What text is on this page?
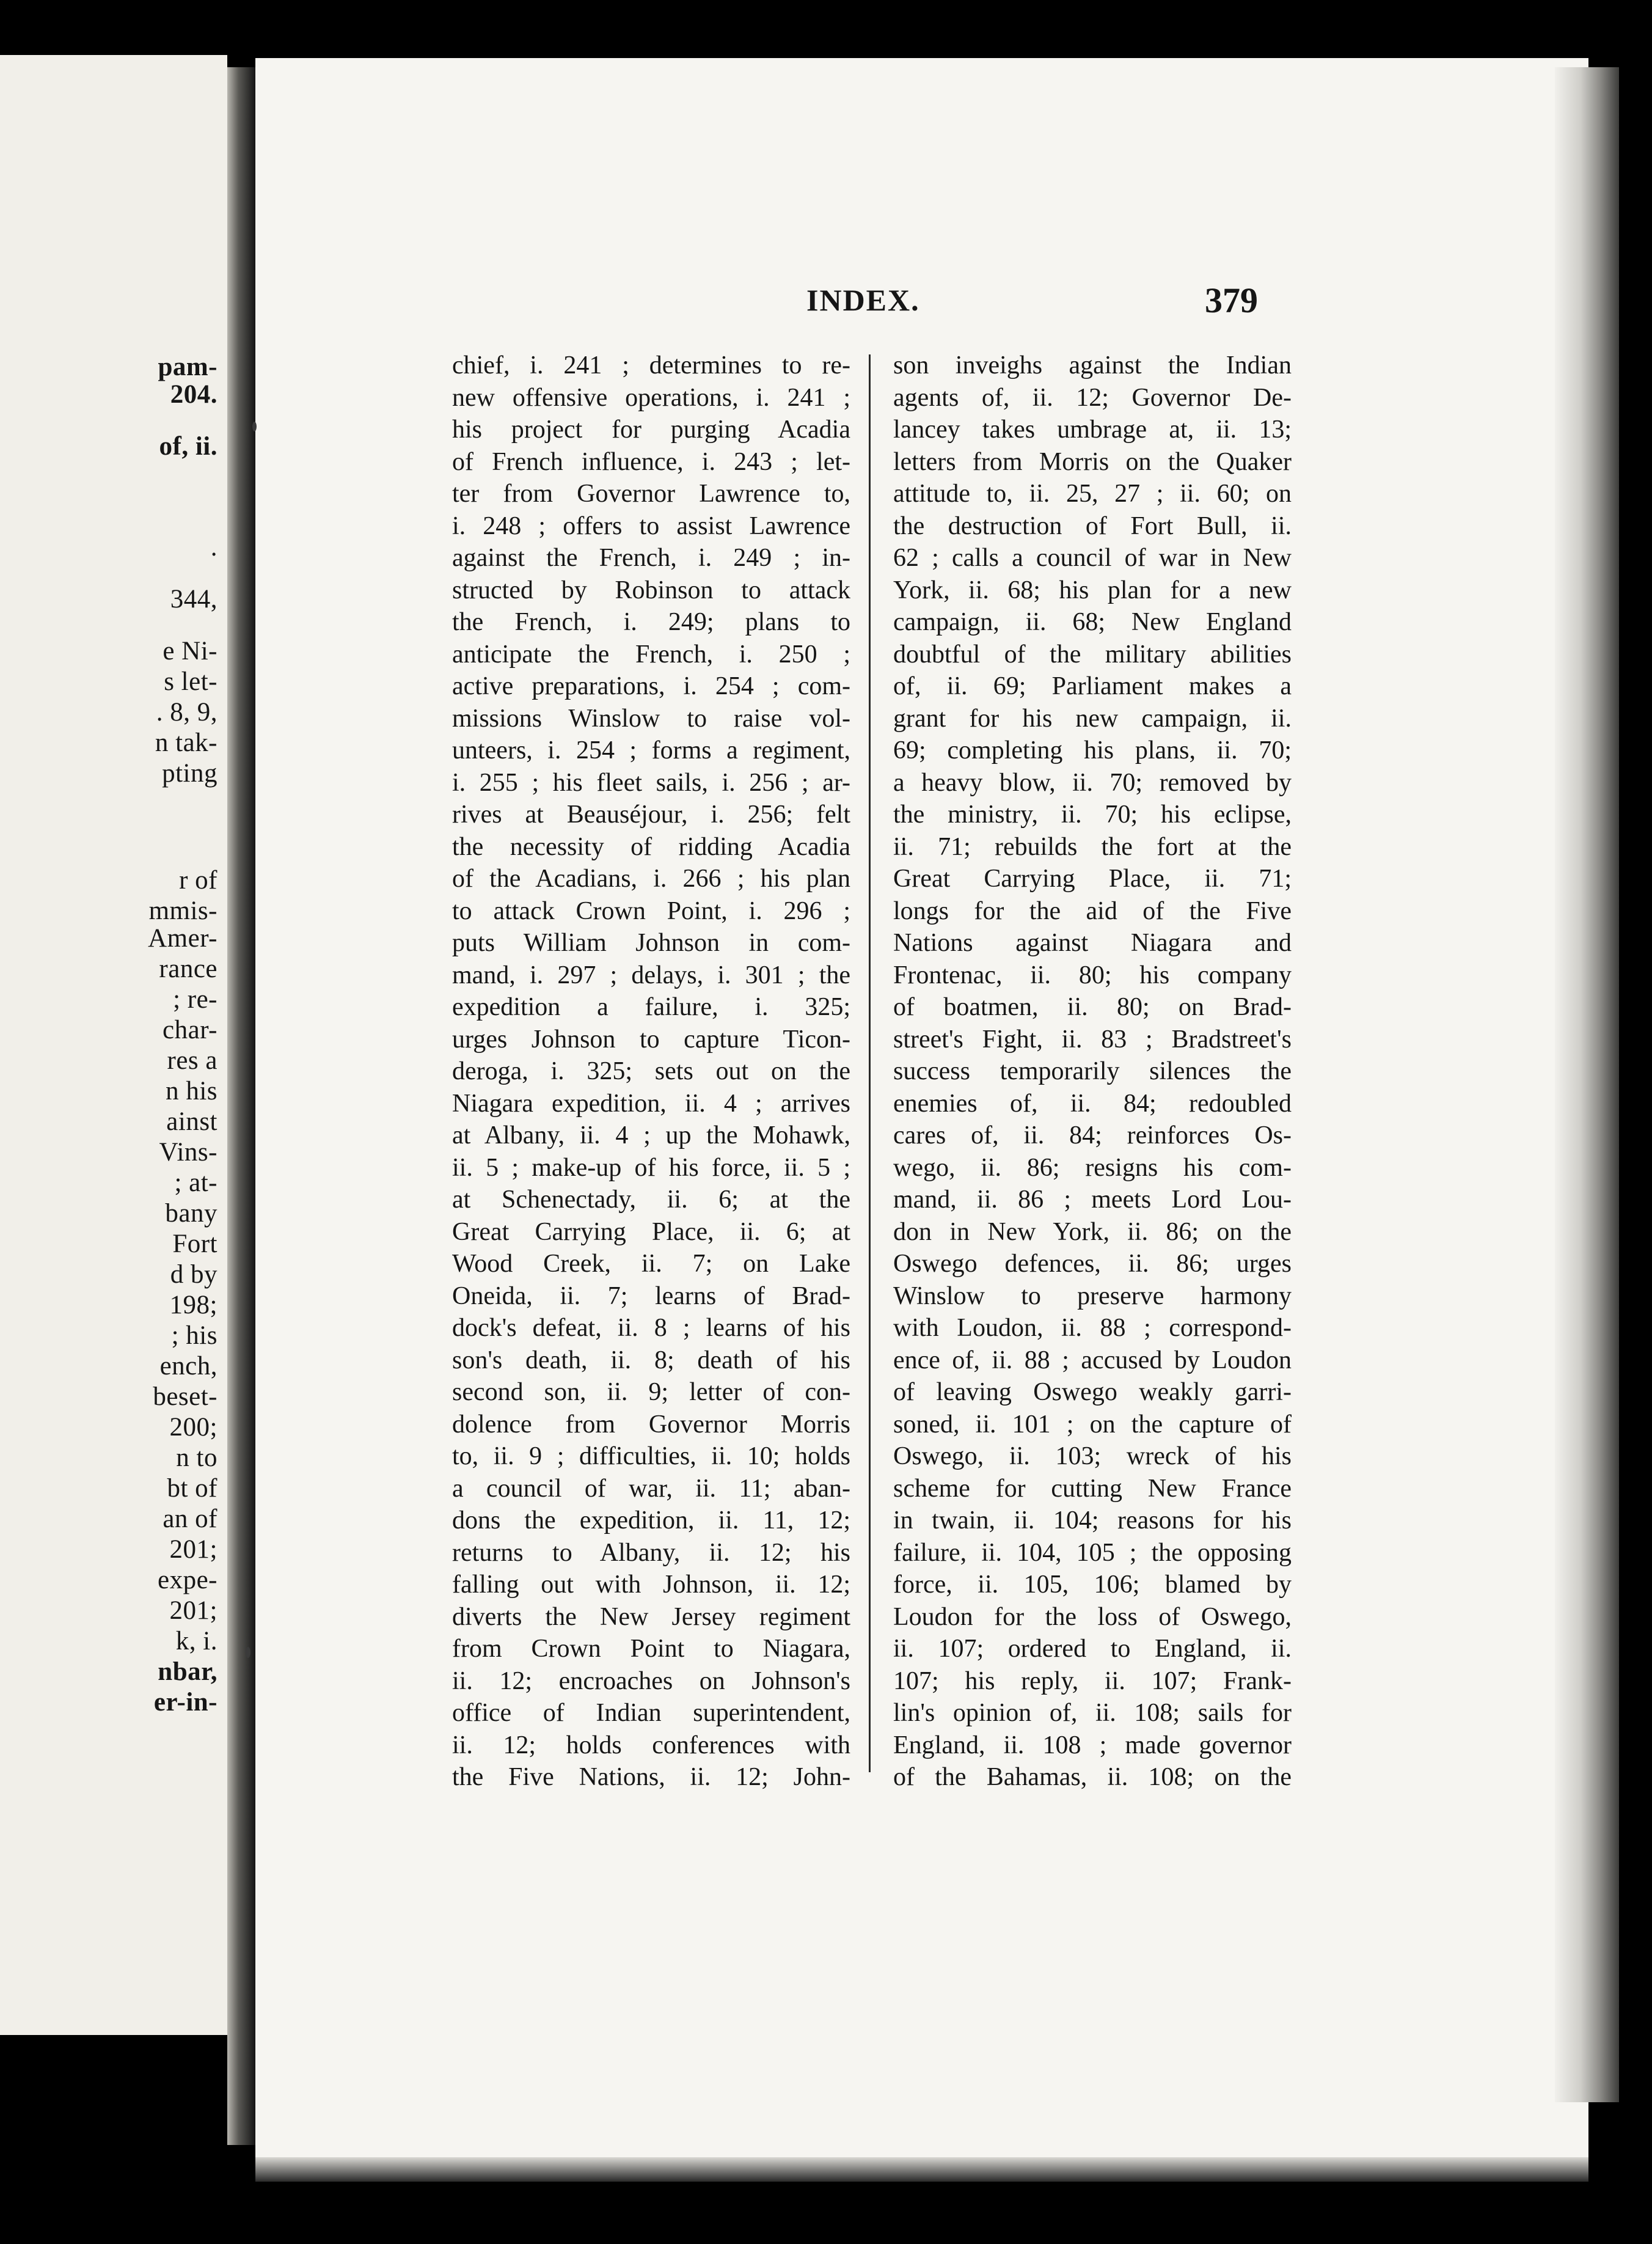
pam-
204.
of, ii.
.
344,
e Ni-
s let-
. 8, 9,
n tak-
pting
r of
mmis-
Amer-
rance
; re-
char-
res a
n his
ainst
Vins-
; at-
bany
Fort
d by
198;
; his
ench,
beset-
200;
n to
bt of
an of
201;
expe-
201;
k, i.
nbar,
er-in-
INDEX.	379
chief, i. 241 ; determines to re-
new offensive operations, i. 241 ;
his project for purging Acadia
of French influence, i. 243 ; let-
ter from Governor Lawrence to,
i. 248 ; offers to assist Lawrence
against the French, i. 249 ; in-
structed by Robinson to attack
the French, i. 249; plans to
anticipate the French, i. 250 ;
active preparations, i. 254 ; com-
missions Winslow to raise vol-
unteers, i. 254 ; forms a regiment,
i. 255 ; his fleet sails, i. 256 ; ar-
rives at Beauséjour, i. 256; felt
the necessity of ridding Acadia
of the Acadians, i. 266 ; his plan
to attack Crown Point, i. 296 ;
puts William Johnson in com-
mand, i. 297 ; delays, i. 301 ; the
expedition a failure, i. 325;
urges Johnson to capture Ticon-
deroga, i. 325; sets out on the
Niagara expedition, ii. 4 ; arrives
at Albany, ii. 4 ; up the Mohawk,
ii. 5 ; make-up of his force, ii. 5 ;
at Schenectady, ii. 6; at the
Great Carrying Place, ii. 6; at
Wood Creek, ii. 7; on Lake
Oneida, ii. 7; learns of Brad-
dock's defeat, ii. 8 ; learns of his
son's death, ii. 8; death of his
second son, ii. 9; letter of con-
dolence from Governor Morris
to, ii. 9 ; difficulties, ii. 10; holds
a council of war, ii. 11; aban-
dons the expedition, ii. 11, 12;
returns to Albany, ii. 12; his
falling out with Johnson, ii. 12;
diverts the New Jersey regiment
from Crown Point to Niagara,
ii. 12; encroaches on Johnson's
office of Indian superintendent,
ii. 12; holds conferences with
the Five Nations, ii. 12; John-
son inveighs against the Indian
agents of, ii. 12; Governor De-
lancey takes umbrage at, ii. 13;
letters from Morris on the Quaker
attitude to, ii. 25, 27 ; ii. 60; on
the destruction of Fort Bull, ii.
62 ; calls a council of war in New
York, ii. 68; his plan for a new
campaign, ii. 68; New England
doubtful of the military abilities
of, ii. 69; Parliament makes a
grant for his new campaign, ii.
69; completing his plans, ii. 70;
a heavy blow, ii. 70; removed by
the ministry, ii. 70; his eclipse,
ii. 71; rebuilds the fort at the
Great Carrying Place, ii. 71;
longs for the aid of the Five
Nations against Niagara and
Frontenac, ii. 80; his company
of boatmen, ii. 80; on Brad-
street's Fight, ii. 83 ; Bradstreet's
success temporarily silences the
enemies of, ii. 84; redoubled
cares of, ii. 84; reinforces Os-
wego, ii. 86; resigns his com-
mand, ii. 86 ; meets Lord Lou-
don in New York, ii. 86; on the
Oswego defences, ii. 86; urges
Winslow to preserve harmony
with Loudon, ii. 88 ; correspond-
ence of, ii. 88 ; accused by Loudon
of leaving Oswego weakly garri-
soned, ii. 101 ; on the capture of
Oswego, ii. 103; wreck of his
scheme for cutting New France
in twain, ii. 104; reasons for his
failure, ii. 104, 105 ; the opposing
force, ii. 105, 106; blamed by
Loudon for the loss of Oswego,
ii. 107; ordered to England, ii.
107; his reply, ii. 107; Frank-
lin's opinion of, ii. 108; sails for
England, ii. 108 ; made governor
of the Bahamas, ii. 108; on the
